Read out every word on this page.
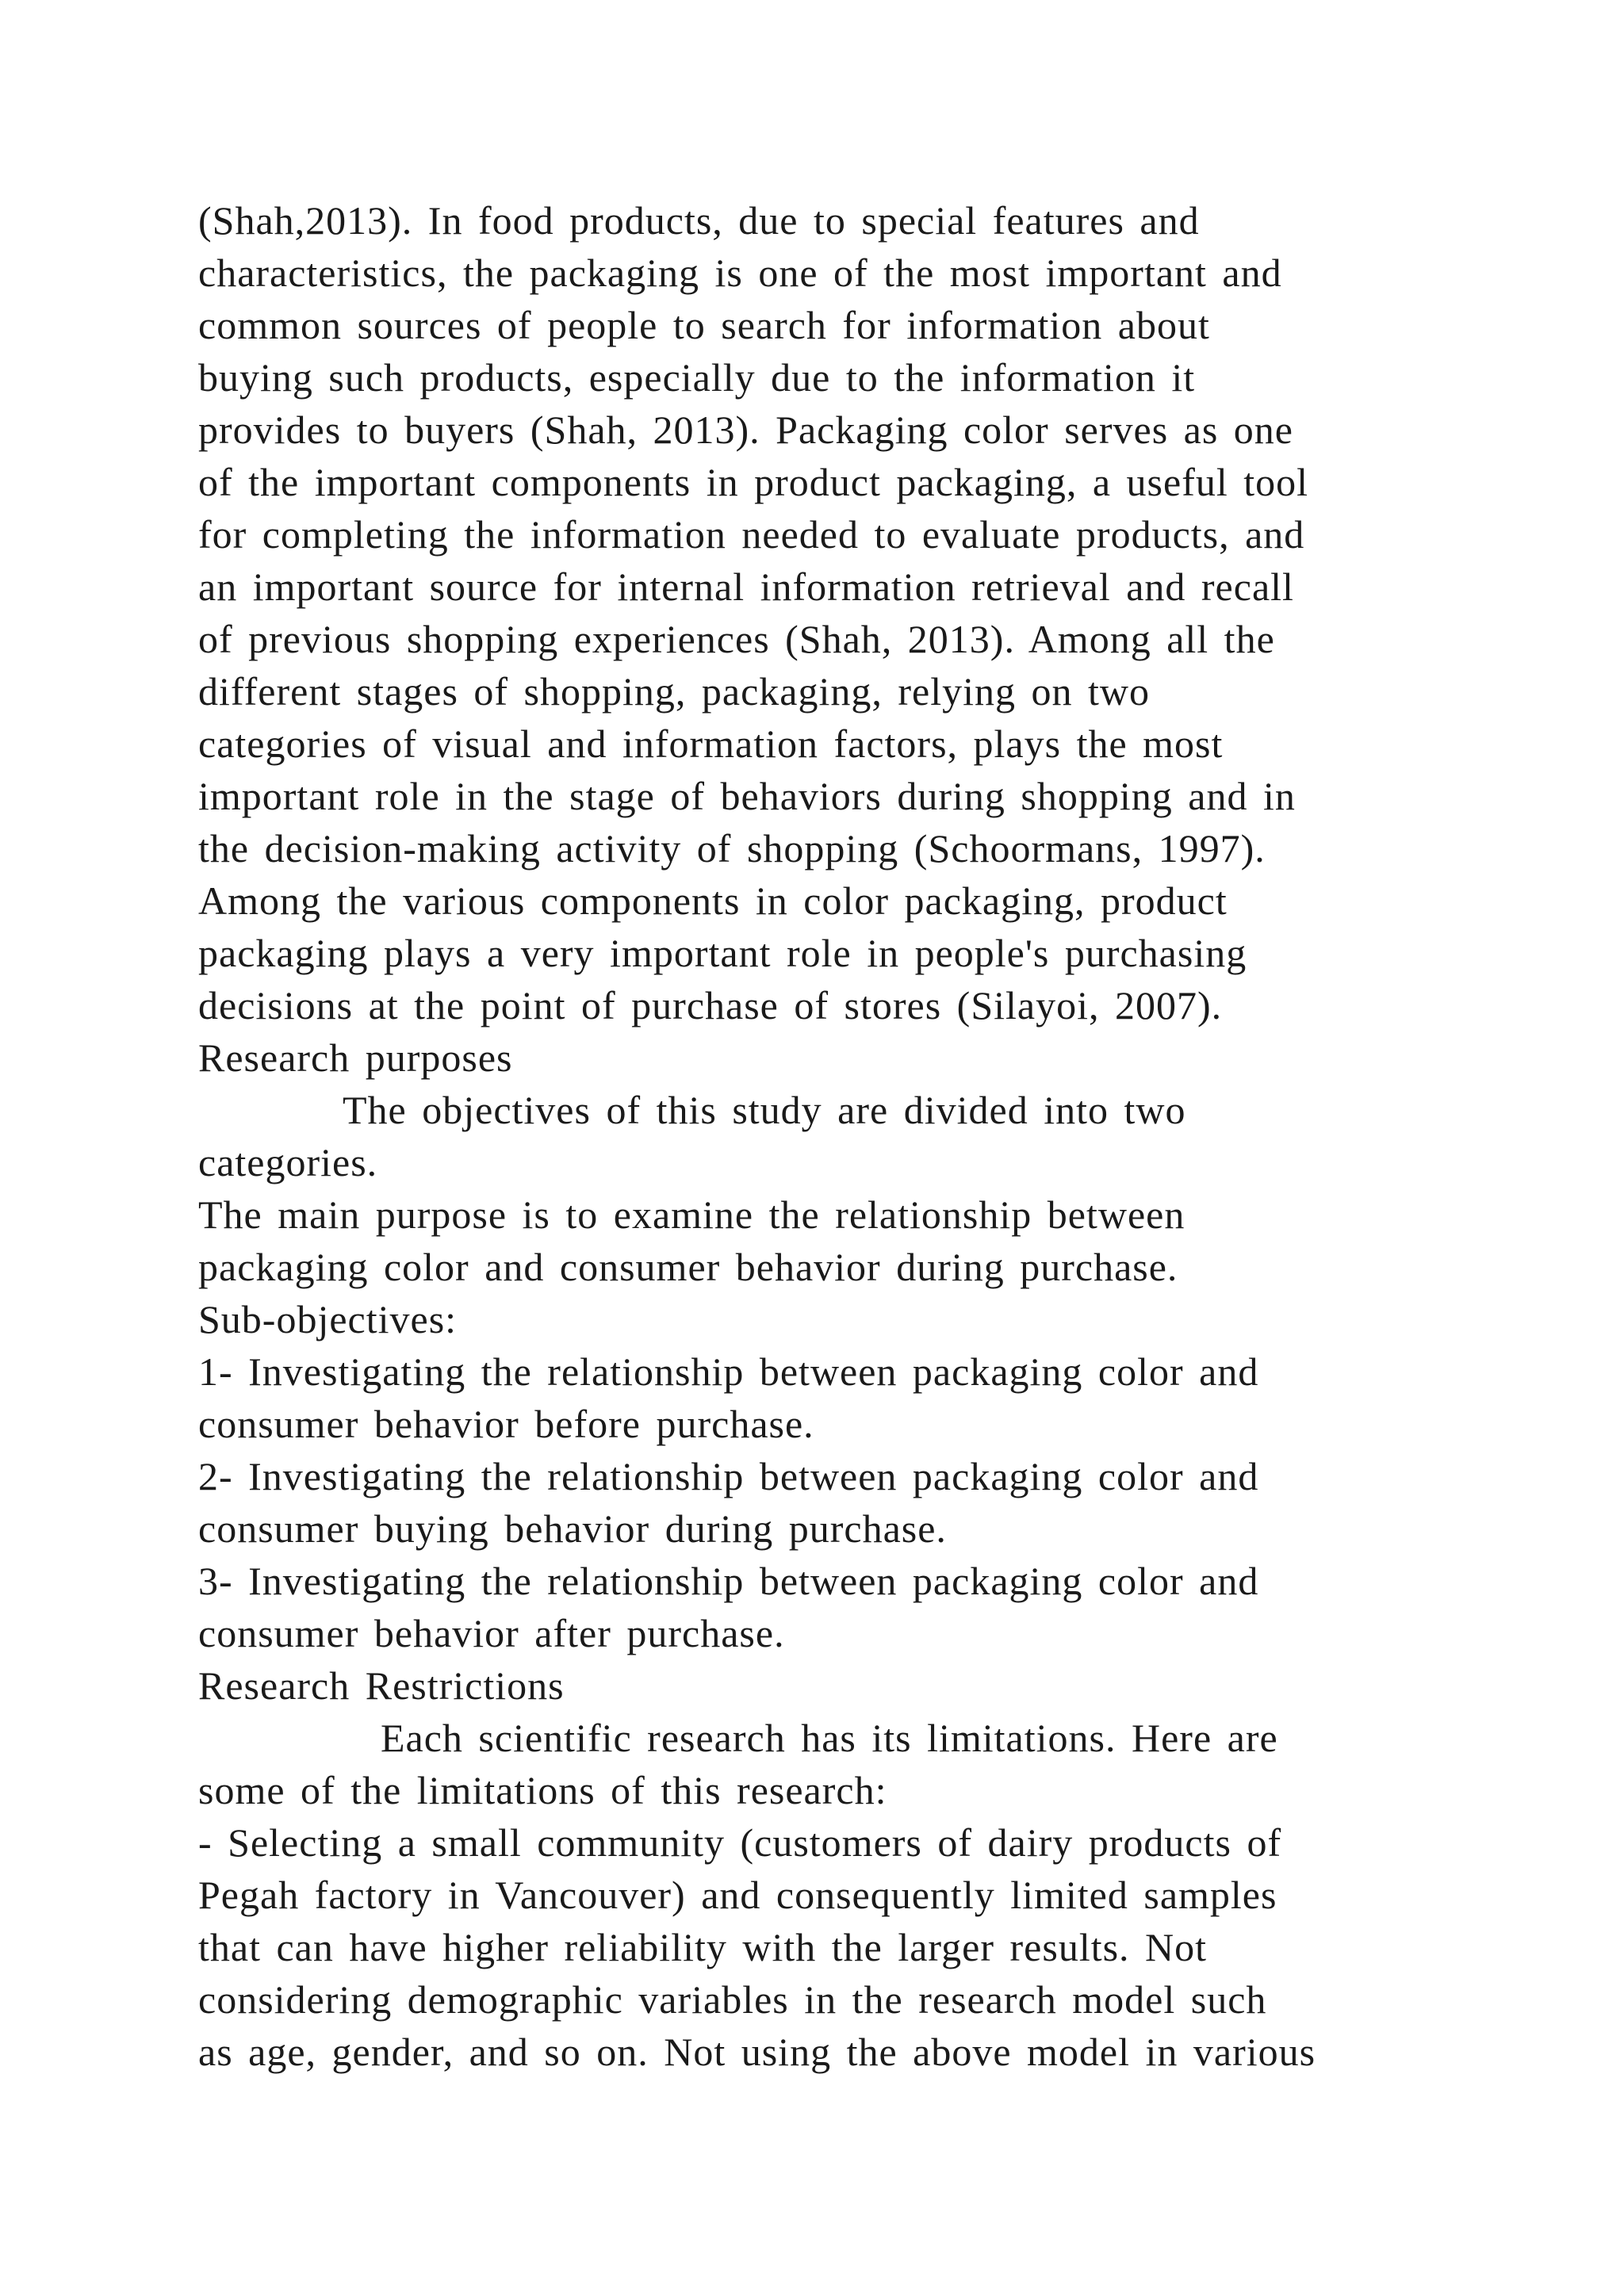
(Shah,2013). In food products, due to special features and
characteristics, the packaging is one of the most important and
common sources of people to search for information about
buying such products, especially due to the information it
provides to buyers (Shah, 2013). Packaging color serves as one
of the important components in product packaging, a useful tool
for completing the information needed to evaluate products, and
an important source for internal information retrieval and recall
of previous shopping experiences (Shah, 2013). Among all the
different stages of shopping, packaging, relying on two
categories of visual and information factors, plays the most
important role in the stage of behaviors during shopping and in
the decision-making activity of shopping (Schoormans, 1997).
Among the various components in color packaging, product
packaging plays a very important role in people's purchasing
decisions at the point of purchase of stores (Silayoi, 2007).
Research purposes
The objectives of this study are divided into two
categories.
The main purpose is to examine the relationship between
packaging color and consumer behavior during purchase.
Sub-objectives:
1- Investigating the relationship between packaging color and
consumer behavior before purchase.
2- Investigating the relationship between packaging color and
consumer buying behavior during purchase.
3- Investigating the relationship between packaging color and
consumer behavior after purchase.
Research Restrictions
Each scientific research has its limitations. Here are
some of the limitations of this research:
- Selecting a small community (customers of dairy products of
Pegah factory in Vancouver) and consequently limited samples
that can have higher reliability with the larger results. Not
considering demographic variables in the research model such
as age, gender, and so on. Not using the above model in various
